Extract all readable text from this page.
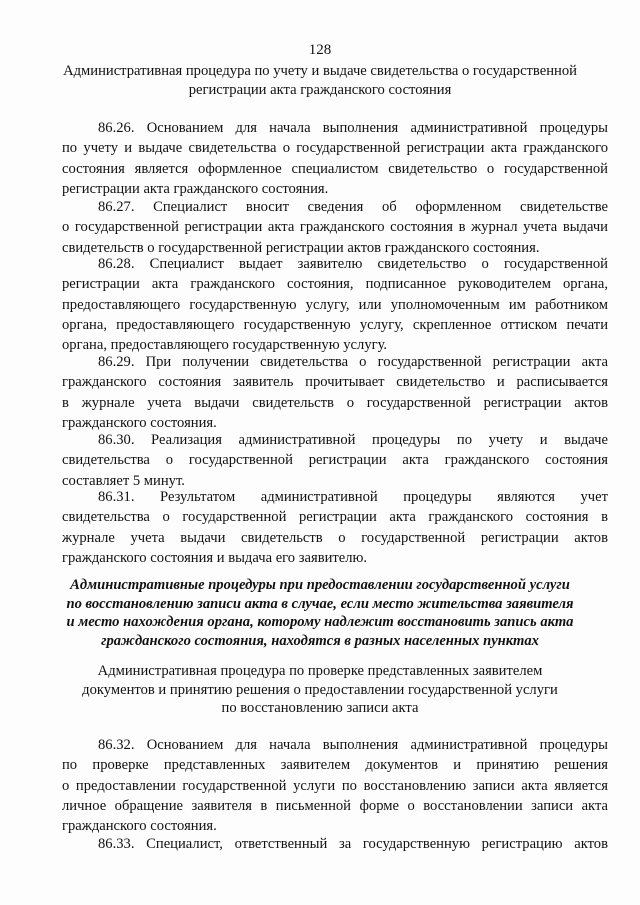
128
Административная процедура по учету и выдаче свидетельства о государственной
регистрации акта гражданского состояния
86.26. Основанием для начала выполнения административной процедуры
по учету и выдаче свидетельства о государственной регистрации акта гражданского
состояния является оформленное специалистом свидетельство о государственной
регистрации акта гражданского состояния.
86.27. Специалист вносит сведения об оформленном свидетельстве
о государственной регистрации акта гражданского состояния в журнал учета выдачи
свидетельств о государственной регистрации актов гражданского состояния.
86.28. Специалист выдает заявителю свидетельство о государственной
регистрации акта гражданского состояния, подписанное руководителем органа,
предоставляющего государственную услугу, или уполномоченным им работником
органа, предоставляющего государственную услугу, скрепленное оттиском печати
органа, предоставляющего государственную услугу.
86.29. При получении свидетельства о государственной регистрации акта
гражданского состояния заявитель прочитывает свидетельство и расписывается
в журнале учета выдачи свидетельств о государственной регистрации актов
гражданского состояния.
86.30. Реализация административной процедуры по учету и выдаче
свидетельства о государственной регистрации акта гражданского состояния
составляет 5 минут.
86.31. Результатом административной процедуры являются учет
свидетельства о государственной регистрации акта гражданского состояния в
журнале учета выдачи свидетельств о государственной регистрации актов
гражданского состояния и выдача его заявителю.
Административные процедуры при предоставлении государственной услуги
по восстановлению записи акта в случае, если место жительства заявителя
и место нахождения органа, которому надлежит восстановить запись акта
гражданского состояния, находятся в разных населенных пунктах
Административная процедура по проверке представленных заявителем
документов и принятию решения о предоставлении государственной услуги
по восстановлению записи акта
86.32. Основанием для начала выполнения административной процедуры
по проверке представленных заявителем документов и принятию решения
о предоставлении государственной услуги по восстановлению записи акта является
личное обращение заявителя в письменной форме о восстановлении записи акта
гражданского состояния.
86.33. Специалист, ответственный за государственную регистрацию актов
